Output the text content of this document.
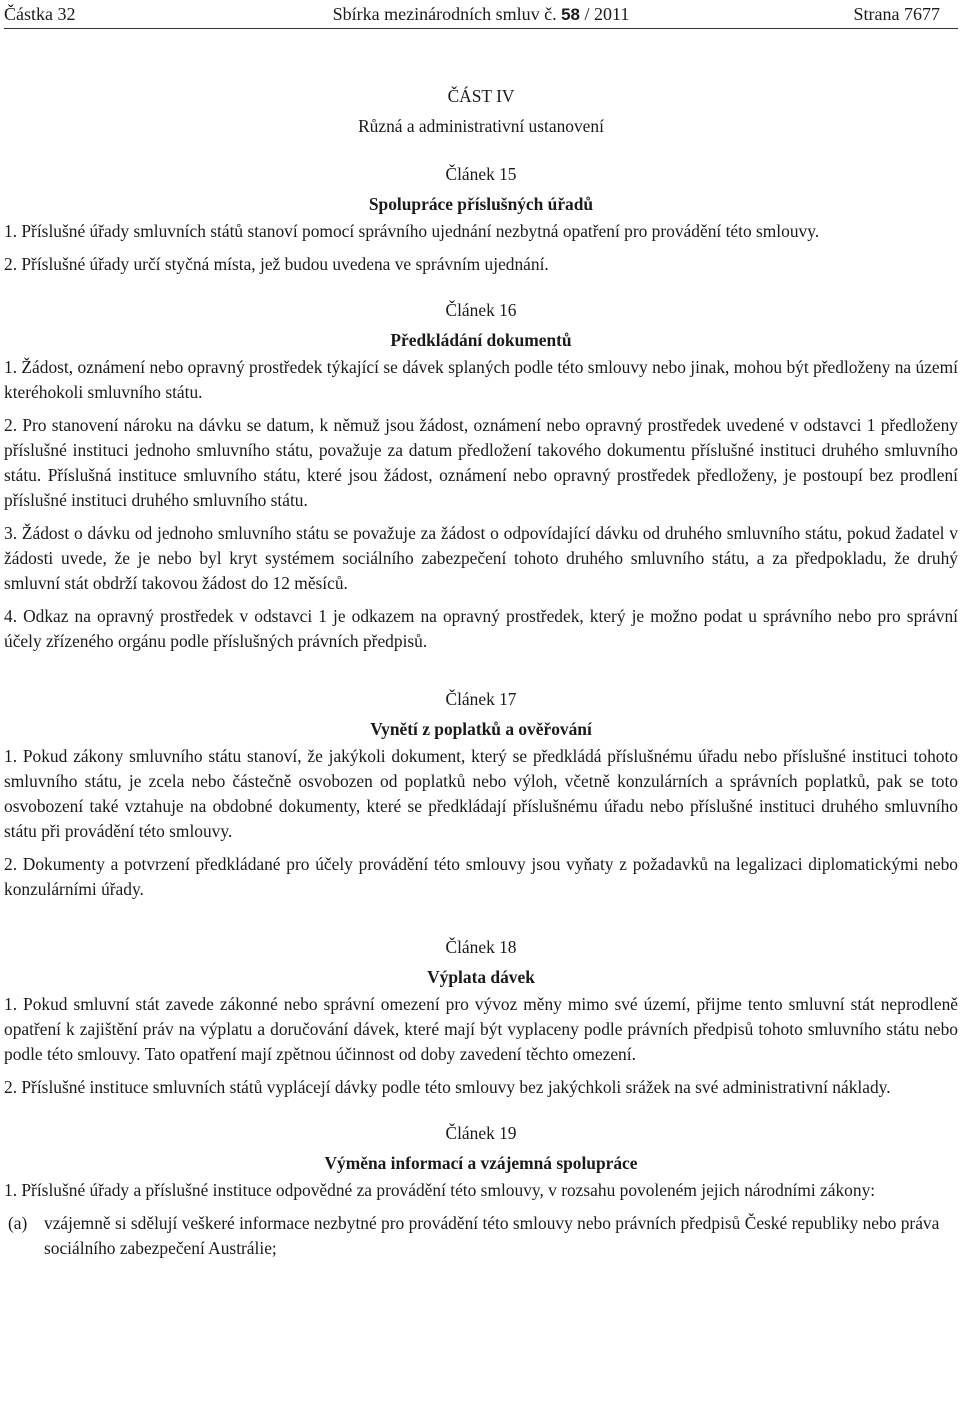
Částka 32	Sbírka mezinárodních smluv č. 58 / 2011	Strana 7677
ČÁST IV
Různá a administrativní ustanovení
Článek 15
Spolupráce příslušných úřadů

1. Příslušné úřady smluvních států stanoví pomocí správního ujednání nezbytná opatření pro provádění této smlouvy.

2. Příslušné úřady určí styčná místa, jež budou uvedena ve správním ujednání.

Článek 16
Předkládání dokumentů

1. Žádost, oznámení nebo opravný prostředek týkající se dávek splaných podle této smlouvy nebo jinak, mohou být předloženy na území kteréhokoli smluvního státu.

2. Pro stanovení nároku na dávku se datum, k němuž jsou žádost, oznámení nebo opravný prostředek uvedené v odstavci 1 předloženy příslušné instituci jednoho smluvního státu, považuje za datum předložení takového dokumentu příslušné instituci druhého smluvního státu. Příslušná instituce smluvního státu, které jsou žádost, oznámení nebo opravný prostředek předloženy, je postoupí bez prodlení příslušné instituci druhého smluvního státu.

3. Žádost o dávku od jednoho smluvního státu se považuje za žádost o odpovídající dávku od druhého smluvního státu, pokud žadatel v žádosti uvede, že je nebo byl kryt systémem sociálního zabezpečení tohoto druhého smluvního státu, a za předpokladu, že druhý smluvní stát obdrží takovou žádost do 12 měsíců.

4. Odkaz na opravný prostředek v odstavci 1 je odkazem na opravný prostředek, který je možno podat u správního nebo pro správní účely zřízeného orgánu podle příslušných právních předpisů.

Článek 17
Vynětí z poplatků a ověřování

1. Pokud zákony smluvního státu stanoví, že jakýkoli dokument, který se předkládá příslušnému úřadu nebo příslušné instituci tohoto smluvního státu, je zcela nebo částečně osvobozen od poplatků nebo výloh, včetně konzulárních a správních poplatků, pak se toto osvobození také vztahuje na obdobné dokumenty, které se předkládají příslušnému úřadu nebo příslušné instituci druhého smluvního státu při provádění této smlouvy.

2. Dokumenty a potvrzení předkládané pro účely provádění této smlouvy jsou vyňaty z požadavků na legalizaci diplomatickými nebo konzulárními úřady.

Článek 18
Výplata dávek

1. Pokud smluvní stát zavede zákonné nebo správní omezení pro vývoz měny mimo své území, přijme tento smluvní stát neprodleně opatření k zajištění práv na výplatu a doručování dávek, které mají být vyplaceny podle právních předpisů tohoto smluvního státu nebo podle této smlouvy. Tato opatření mají zpětnou účinnost od doby zavedení těchto omezení.

2. Příslušné instituce smluvních států vyplácejí dávky podle této smlouvy bez jakýchkoli srážek na své administrativní náklady.

Článek 19
Výměna informací a vzájemná spolupráce

1. Příslušné úřady a příslušné instituce odpovědné za provádění této smlouvy, v rozsahu povoleném jejich národními zákony:

(a) vzájemně si sdělují veškeré informace nezbytné pro provádění této smlouvy nebo právních předpisů České republiky nebo práva sociálního zabezpečení Austrálie;
